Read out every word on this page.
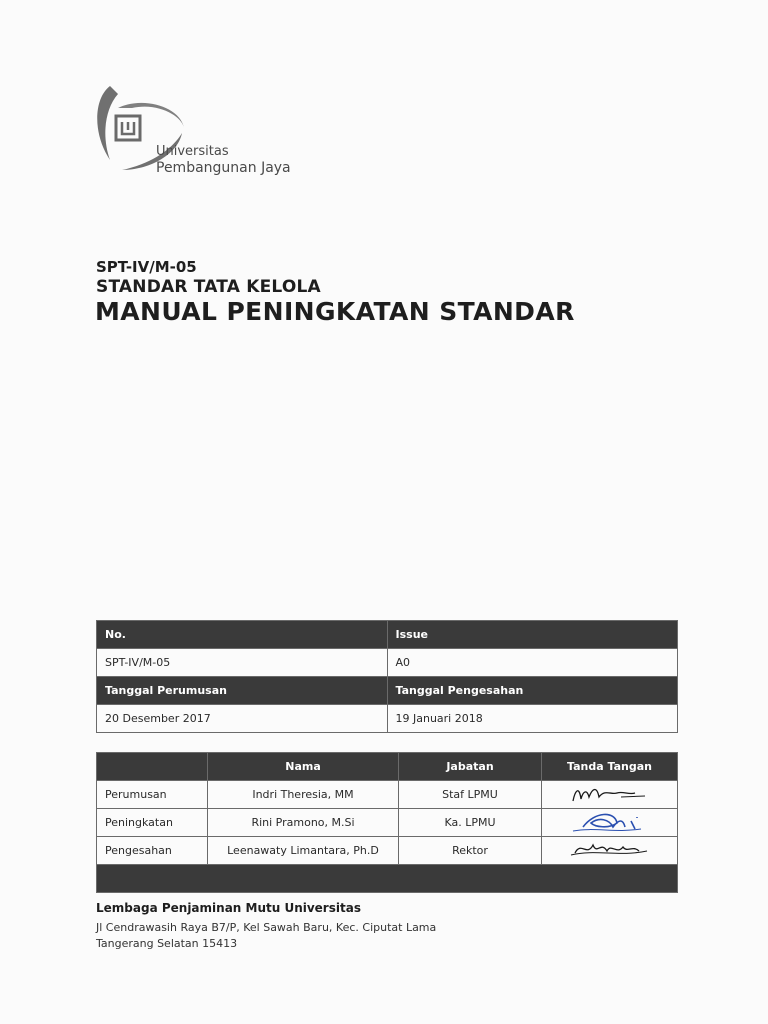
Universitas
Pembangunan Jaya
SPT-IV/M-05
STANDAR TATA KELOLA
MANUAL PENINGKATAN STANDAR
No.	Issue
SPT-IV/M-05	A0
Tanggal Perumusan	Tanggal Pengesahan
20 Desember 2017	19 Januari 2018
	Nama	Jabatan	Tanda Tangan
Perumusan	Indri Theresia, MM	Staf LPMU	
Peningkatan	Rini Pramono, M.Si	Ka. LPMU	
Pengesahan	Leenawaty Limantara, Ph.D	Rektor	

Lembaga Penjaminan Mutu Universitas
Jl Cendrawasih Raya B7/P, Kel Sawah Baru, Kec. Ciputat Lama
Tangerang Selatan 15413
